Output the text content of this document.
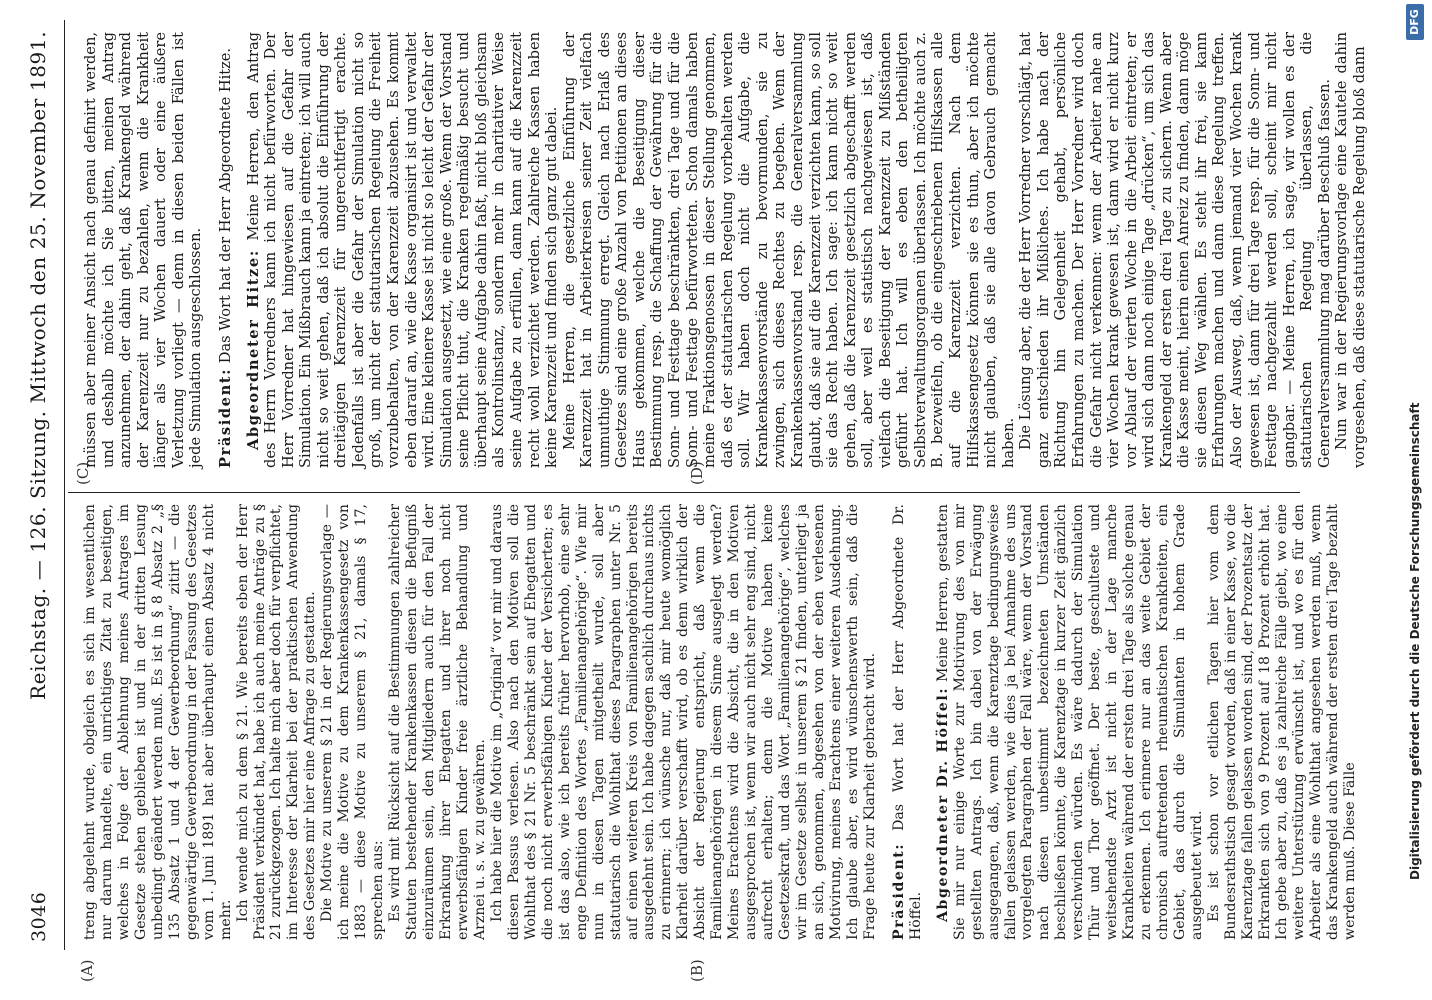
3046
Reichstag. — 126. Sitzung. Mittwoch den 25. November 1891.
(A)	(B)
(C)	(D)

treng abgelehnt wurde, obgleich es sich im wesentlichen nur darum handelte, ein unrichtiges Zitat zu beseitigen, welches in Folge der Ablehnung meines Antrages im Gesetze stehen geblieben ist und in der dritten Lesung unbedingt geändert werden muß. Es ist in § 8 Absatz 2 „§ 135 Absatz 1 und 4 der Gewerbeordnung“ zitirt — die gegenwärtige Gewerbeordnung in der Fassung des Gesetzes vom 1. Juni 1891 hat aber überhaupt einen Absatz 4 nicht mehr. Ich wende mich zu dem § 21. Wie bereits eben der Herr Präsident verkündet hat, habe ich auch meine Anträge zu § 21 zurückgezogen. Ich halte mich aber doch für verpflichtet, im Interesse der Klarheit bei der praktischen Anwendung des Gesetzes mir hier eine Anfrage zu gestatten. Die Motive zu unserem § 21 in der Regierungsvorlage — ich meine die Motive zu dem Krankenkassengesetz von 1883 — diese Motive zu unserem § 21, damals § 17, sprechen aus: Es wird mit Rücksicht auf die Bestimmungen zahlreicher Statuten bestehender Krankenkassen diesen die Befugniß einzuräumen sein, den Mitgliedern auch für den Fall der Erkrankung ihrer Ehegatten und ihrer noch nicht erwerbsfähigen Kinder freie ärztliche Behandlung und Arznei u. s. w. zu gewähren. Ich habe hier die Motive im „Original“ vor mir und daraus diesen Passus verlesen. Also nach den Motiven soll die Wohlthat des § 21 Nr. 5 beschränkt sein auf Ehegatten und die noch nicht erwerbsfähigen Kinder der Versicherten; es ist das also, wie ich bereits früher hervorhob, eine sehr enge Definition des Wortes „Familienangehörige“. Wie mir nun in diesen Tagen mitgetheilt wurde, soll aber statutarisch die Wohlthat dieses Paragraphen unter Nr. 5 auf einen weiteren Kreis von Familienangehörigen bereits ausgedehnt sein. Ich habe dagegen sachlich durchaus nichts zu erinnern; ich wünsche nur, daß mir heute womöglich Klarheit darüber verschafft wird, ob es denn wirklich der Absicht der Regierung entspricht, daß wenn die Familienangehörigen in diesem Sinne ausgelegt werden? Meines Erachtens wird die Absicht, die in den Motiven ausgesprochen ist, wenn wir auch nicht sehr eng sind, nicht aufrecht erhalten; denn die Motive haben keine Gesetzeskraft, und das Wort „Familienangehörige“, welches wir im Gesetze selbst in unserem § 21 finden, unterliegt ja an sich, genommen, abgesehen von der eben verlesenen Motivirung, meines Erachtens einer weiteren Ausdehnung. Ich glaube aber, es wird wünschenswerth sein, daß die Frage heute zur Klarheit gebracht wird. Präsident: Das Wort hat der Herr Abgeordnete Dr. Höffel. Abgeordneter Dr. Höffel: Meine Herren, gestatten Sie mir nur einige Worte zur Motivirung des von mir gestellten Antrags. Ich bin dabei von der Erwägung ausgegangen, daß, wenn die Karenztage bedingungsweise fallen gelassen werden, wie dies ja bei Annahme des uns vorgelegten Paragraphen der Fall wäre, wenn der Vorstand nach diesen unbestimmt bezeichneten Umständen beschließen könnte, die Karenztage in kurzer Zeit gänzlich verschwinden würden. Es wäre dadurch der Simulation Thür und Thor geöffnet. Der beste, geschulteste und weitsehendste Arzt ist nicht in der Lage manche Krankheiten während der ersten drei Tage als solche genau zu erkennen. Ich erinnere nur an das weite Gebiet der chronisch auftretenden rheumatischen Krankheiten, ein Gebiet, das durch die Simulanten in hohem Grade ausgebeutet wird. Es ist schon vor etlichen Tagen hier vom dem Bundesrathstisch gesagt worden, daß in einer Kasse, wo die Karenztage fallen gelassen worden sind, der Prozentsatz der Erkrankten sich von 9 Prozent auf 18 Prozent erhöht hat. Ich gebe aber zu, daß es ja zahlreiche Fälle giebt, wo eine weitere Unterstützung erwünscht ist, und wo es für den Arbeiter als eine Wohlthat angesehen werden muß, wenn das Krankengeld auch während der ersten drei Tage bezahlt werden muß. Diese Fälle

müssen aber meiner Ansicht nach genau definirt werden, und deshalb möchte ich Sie bitten, meinen Antrag anzunehmen, der dahin geht, daß Krankengeld während der Karenzzeit nur zu bezahlen, wenn die Krankheit länger als vier Wochen dauert oder eine äußere Verletzung vorliegt — denn in diesen beiden Fällen ist jede Simulation ausgeschlossen. Präsident: Das Wort hat der Herr Abgeordnete Hitze. Abgeordneter Hitze: Meine Herren, den Antrag des Herrn Vorredners kann ich nicht befürworten. Der Herr Vorredner hat hingewiesen auf die Gefahr der Simulation. Ein Mißbrauch kann ja eintreten; ich will auch nicht so weit gehen, daß ich absolut die Einführung der dreitägigen Karenzzeit für ungerechtfertigt erachte. Jedenfalls ist aber die Gefahr der Simulation nicht so groß, um nicht der statutarischen Regelung die Freiheit vorzubehalten, von der Karenzzeit abzusehen. Es kommt eben darauf an, wie die Kasse organisirt ist und verwaltet wird. Eine kleinere Kasse ist nicht so leicht der Gefahr der Simulation ausgesetzt, wie eine große. Wenn der Vorstand seine Pflicht thut, die Kranken regelmäßig besucht und überhaupt seine Aufgabe dahin faßt, nicht bloß gleichsam als Kontrolinstanz, sondern mehr in charitativer Weise seine Aufgabe zu erfüllen, dann kann auf die Karenzzeit recht wohl verzichtet werden. Zahlreiche Kassen haben keine Karenzzeit und finden sich ganz gut dabei. Meine Herren, die gesetzliche Einführung der Karenzzeit hat in Arbeiterkreisen seiner Zeit vielfach unmuthige Stimmung erregt. Gleich nach Erlaß des Gesetzes sind eine große Anzahl von Petitionen an dieses Haus gekommen, welche die Beseitigung dieser Bestimmung resp. die Schaffung der Gewährung für die Sonn- und Festtage beschränkten, drei Tage und für die Sonn- und Festtage befürworteten. Schon damals haben meine Fraktionsgenossen in dieser Stellung genommen, daß es der statutarischen Regelung vorbehalten werden soll. Wir haben doch nicht die Aufgabe, die Krankenkassenvorstände zu bevormunden, sie zu zwingen, sich dieses Rechtes zu begeben. Wenn der Krankenkassenvorstand resp. die Generalversammlung glaubt, daß sie auf die Karenzzeit verzichten kann, so soll sie das Recht haben. Ich sage: ich kann nicht so weit gehen, daß die Karenzzeit gesetzlich abgeschafft werden soll, aber weil es statistisch nachgewiesen ist, daß vielfach die Beseitigung der Karenzzeit zu Mißständen geführt hat. Ich will es eben den betheiligten Selbstverwaltungsorganen überlassen. Ich möchte auch z. B. bezweifeln, ob die eingeschriebenen Hilfskassen alle auf die Karenzzeit verzichten. Nach dem Hilfskassengesetz können sie es thun, aber ich möchte nicht glauben, daß sie alle davon Gebrauch gemacht haben. Die Lösung aber, die der Herr Vorredner vorschlägt, hat ganz entschieden ihr Mißliches. Ich habe nach der Richtung hin Gelegenheit gehabt, persönliche Erfahrungen zu machen. Der Herr Vorredner wird doch die Gefahr nicht verkennen: wenn der Arbeiter nahe an vier Wochen krank gewesen ist, dann wird er nicht kurz vor Ablauf der vierten Woche in die Arbeit eintreten; er wird sich dann noch einige Tage „drücken“, um sich das Krankengeld der ersten drei Tage zu sichern. Wenn aber die Kasse meint, hierin einen Anreiz zu finden, dann möge sie diesen Weg wählen. Es steht ihr frei, sie kann Erfahrungen machen und dann diese Regelung treffen. Also der Ausweg, daß, wenn jemand vier Wochen krank gewesen ist, dann für drei Tage resp. für die Sonn- und Festtage nachgezahlt werden soll, scheint mir nicht gangbar. — Meine Herren, ich sage, wir wollen es der statutarischen Regelung überlassen, die Generalversammlung mag darüber Beschluß fassen. Nun war in der Regierungsvorlage eine Kautele dahin vorgesehen, daß diese statutarische Regelung bloß dann

Digitalisierung gefördert durch die Deutsche Forschungsgemeinschaft
DFG
